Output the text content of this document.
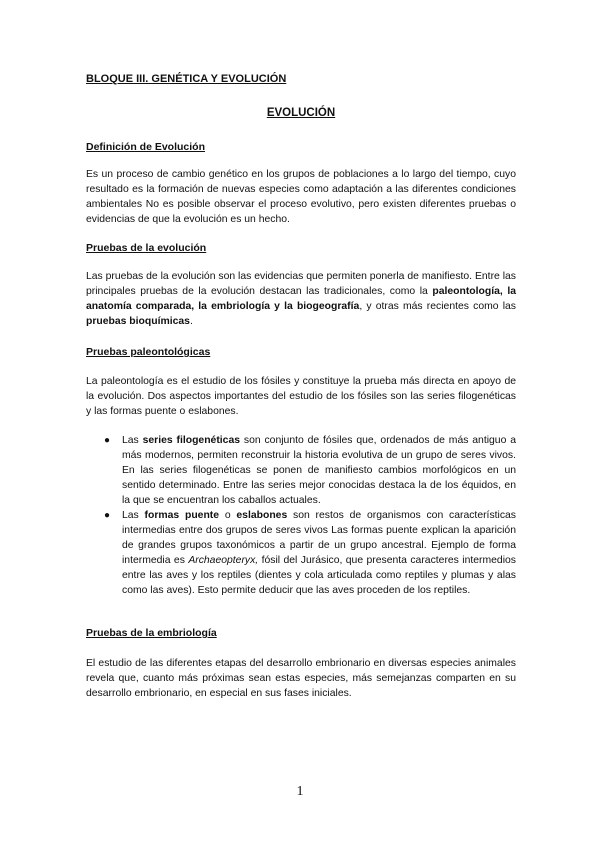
BLOQUE III. GENÉTICA Y EVOLUCIÓN
EVOLUCIÓN
Definición de Evolución

Es un proceso de cambio genético en los grupos de poblaciones a lo largo del tiempo, cuyo resultado es la formación de nuevas especies como adaptación a las diferentes condiciones ambientales No es posible observar el proceso evolutivo, pero existen diferentes pruebas o evidencias de que la evolución es un hecho.

Pruebas de la evolución

Las pruebas de la evolución son las evidencias que permiten ponerla de manifiesto. Entre las principales pruebas de la evolución destacan las tradicionales, como la paleontología, la anatomía comparada, la embriología y la biogeografía, y otras más recientes como las pruebas bioquímicas.

Pruebas paleontológicas

La paleontología es el estudio de los fósiles y constituye la prueba más directa en apoyo de la evolución. Dos aspectos importantes del estudio de los fósiles son las series filogenéticas y las formas puente o eslabones.

● Las series filogenéticas son conjunto de fósiles que, ordenados de más antiguo a más modernos, permiten reconstruir la historia evolutiva de un grupo de seres vivos. En las series filogenéticas se ponen de manifiesto cambios morfológicos en un sentido determinado. Entre las series mejor conocidas destaca la de los équidos, en la que se encuentran los caballos actuales.
● Las formas puente o eslabones son restos de organismos con características intermedias entre dos grupos de seres vivos Las formas puente explican la aparición de grandes grupos taxonómicos a partir de un grupo ancestral. Ejemplo de forma intermedia es Archaeopteryx, fósil del Jurásico, que presenta caracteres intermedios entre las aves y los reptiles (dientes y cola articulada como reptiles y plumas y alas como las aves). Esto permite deducir que las aves proceden de los reptiles.
Pruebas de la embriología

El estudio de las diferentes etapas del desarrollo embrionario en diversas especies animales revela que, cuanto más próximas sean estas especies, más semejanzas comparten en su desarrollo embrionario, en especial en sus fases iniciales.

1
